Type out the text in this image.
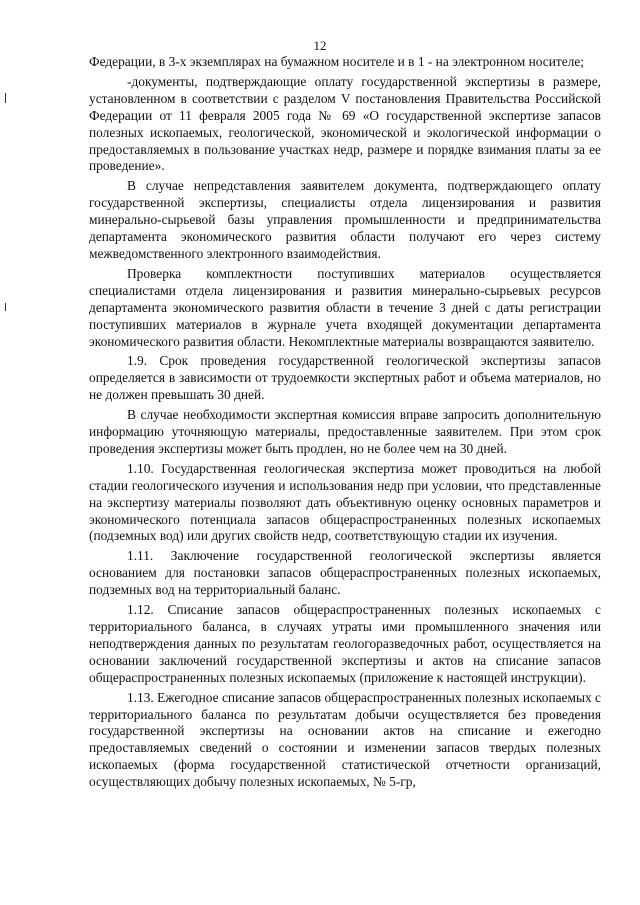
12

Федерации, в 3-х экземплярах на бумажном носителе и в 1 - на электронном носителе;

-документы, подтверждающие оплату государственной экспертизы в размере, установленном в соответствии с разделом V постановления Правительства Российской Федерации от 11 февраля 2005 года № 69 «О государственной экспертизе запасов полезных ископаемых, геологической, экономической и экологической информации о предоставляемых в пользование участках недр, размере и порядке взимания платы за ее проведение».

В случае непредставления заявителем документа, подтверждающего оплату государственной экспертизы, специалисты отдела лицензирования и развития минерально-сырьевой базы управления промышленности и предпринимательства департамента экономического развития области получают его через систему межведомственного электронного взаимодействия.

Проверка комплектности поступивших материалов осуществляется специалистами отдела лицензирования и развития минерально-сырьевых ресурсов департамента экономического развития области в течение 3 дней с даты регистрации поступивших материалов в журнале учета входящей документации департамента экономического развития области. Некомплектные материалы возвращаются заявителю.

1.9. Срок проведения государственной геологической экспертизы запасов определяется в зависимости от трудоемкости экспертных работ и объема материалов, но не должен превышать 30 дней.

В случае необходимости экспертная комиссия вправе запросить дополнительную информацию уточняющую материалы, предоставленные заявителем. При этом срок проведения экспертизы может быть продлен, но не более чем на 30 дней.

1.10. Государственная геологическая экспертиза может проводиться на любой стадии геологического изучения и использования недр при условии, что представленные на экспертизу материалы позволяют дать объективную оценку основных параметров и экономического потенциала запасов общераспространенных полезных ископаемых (подземных вод) или других свойств недр, соответствующую стадии их изучения.

1.11. Заключение государственной геологической экспертизы является основанием для постановки запасов общераспространенных полезных ископаемых, подземных вод на территориальный баланс.

1.12. Списание запасов общераспространенных полезных ископаемых с территориального баланса, в случаях утраты ими промышленного значения или неподтверждения данных по результатам геологоразведочных работ, осуществляется на основании заключений государственной экспертизы и актов на списание запасов общераспространенных полезных ископаемых (приложение к настоящей инструкции).

1.13. Ежегодное списание запасов общераспространенных полезных ископаемых с территориального баланса по результатам добычи осуществляется без проведения государственной экспертизы на основании актов на списание и ежегодно предоставляемых сведений о состоянии и изменении запасов твердых полезных ископаемых (форма государственной статистической отчетности организаций, осуществляющих добычу полезных ископаемых, № 5-гр,
